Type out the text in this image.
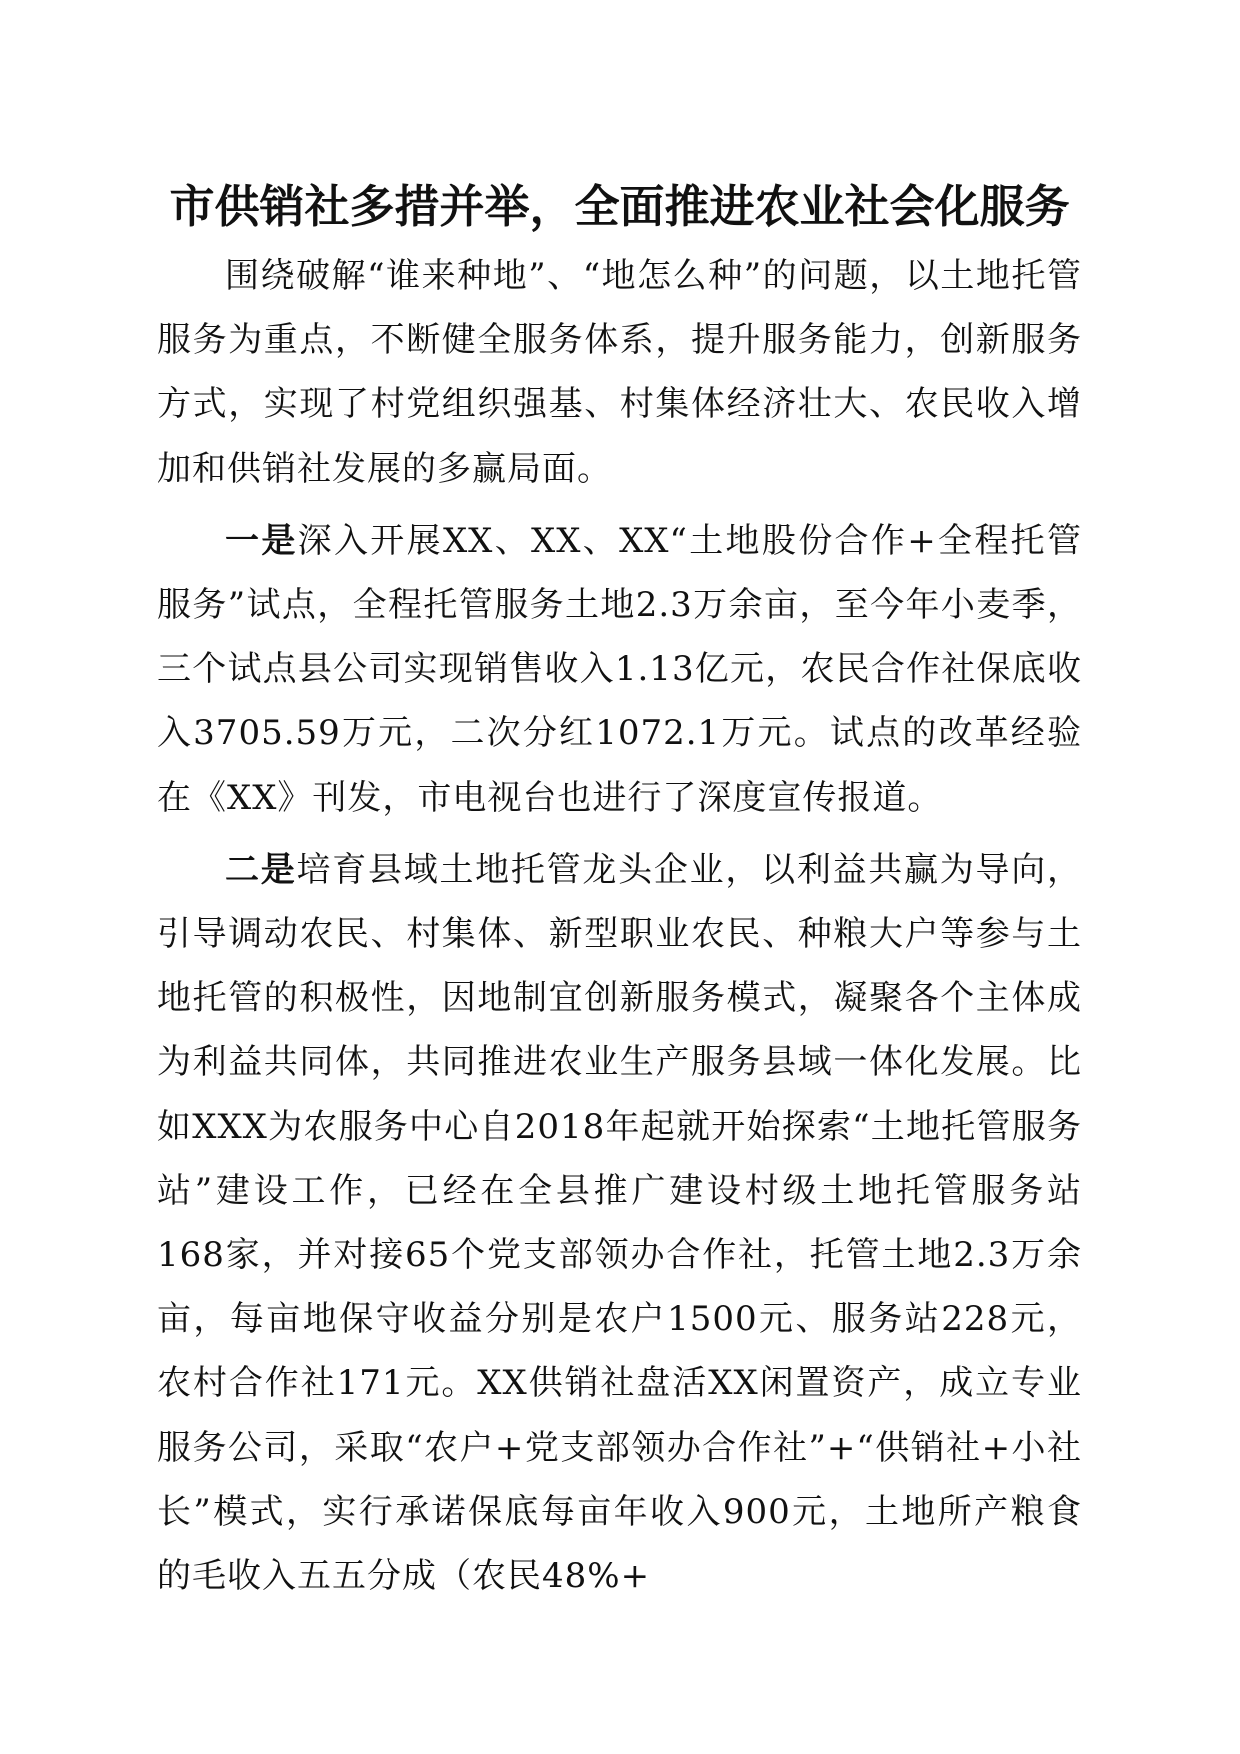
市供销社多措并举，全面推进农业社会化服务

围绕破解“谁来种地”、“地怎么种”的问题，以土地托管服务为重点，不断健全服务体系，提升服务能力，创新服务方式，实现了村党组织强基、村集体经济壮大、农民收入增加和供销社发展的多赢局面。

一是深入开展XX、XX、XX“土地股份合作+全程托管服务”试点，全程托管服务土地2.3万余亩，至今年小麦季，三个试点县公司实现销售收入1.13亿元，农民合作社保底收入3705.59万元，二次分红1072.1万元。试点的改革经验在《XX》刊发，市电视台也进行了深度宣传报道。

二是培育县域土地托管龙头企业，以利益共赢为导向，引导调动农民、村集体、新型职业农民、种粮大户等参与土地托管的积极性，因地制宜创新服务模式，凝聚各个主体成为利益共同体，共同推进农业生产服务县域一体化发展。比如XXX为农服务中心自2018年起就开始探索“土地托管服务站”建设工作，已经在全县推广建设村级土地托管服务站168家，并对接65个党支部领办合作社，托管土地2.3万余亩，每亩地保守收益分别是农户1500元、服务站228元，农村合作社171元。XX供销社盘活XX闲置资产，成立专业服务公司，采取“农户+党支部领办合作社”+“供销社+小社长”模式，实行承诺保底每亩年收入900元，土地所产粮食的毛收入五五分成（农民48%+
